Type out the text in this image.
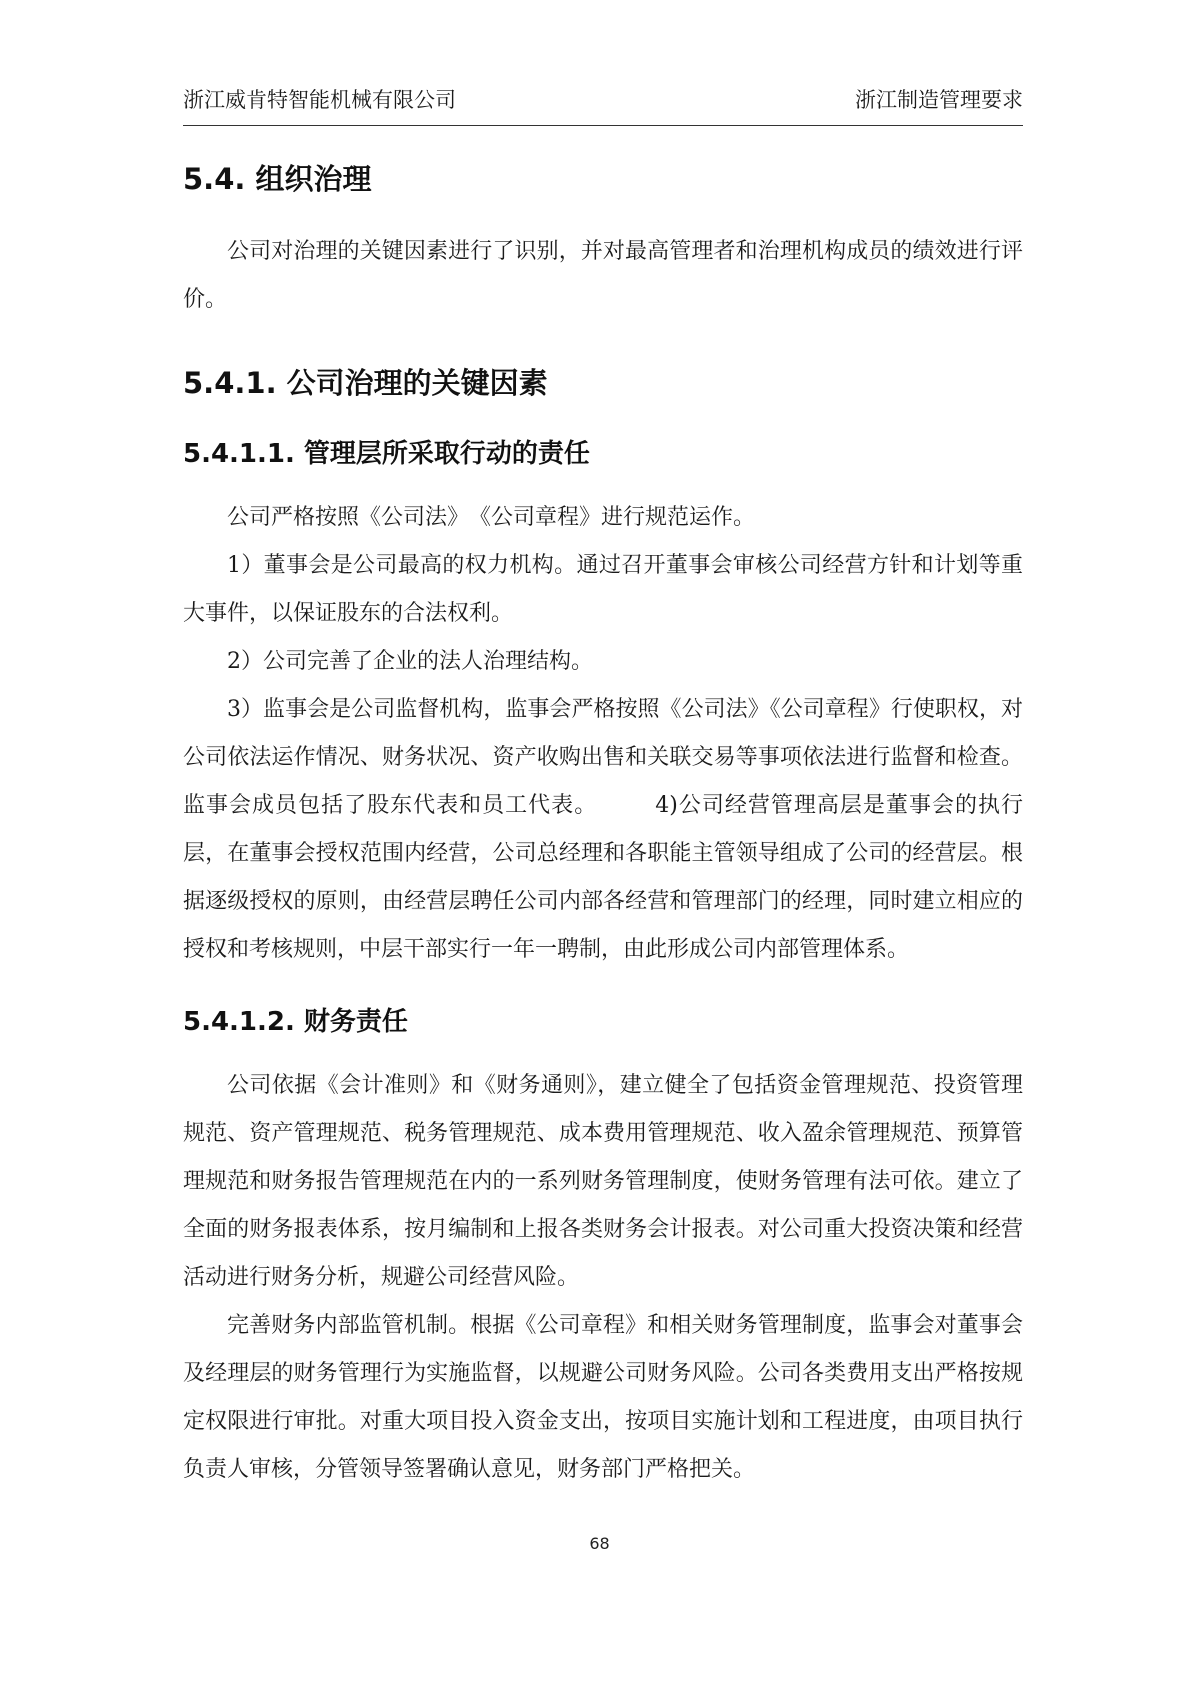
浙江威肯特智能机械有限公司	浙江制造管理要求
5.4. 组织治理

公司对治理的关键因素进行了识别，并对最高管理者和治理机构成员的绩效进行评价。

5.4.1. 公司治理的关键因素
5.4.1.1. 管理层所采取行动的责任

公司严格按照《公司法》　《公司章程》进行规范运作。

1）董事会是公司最高的权力机构。通过召开董事会审核公司经营方针和计划等重大事件，以保证股东的合法权利。

2）公司完善了企业的法人治理结构。

3）监事会是公司监督机构，监事会严格按照《公司法》《公司章程》行使职权，对公司依法运作情况、财务状况、资产收购出售和关联交易等事项依法进行监督和检查。监事会成员包括了股东代表和员工代表。　　　4)公司经营管理高层是董事会的执行层，在董事会授权范围内经营，公司总经理和各职能主管领导组成了公司的经营层。根据逐级授权的原则，由经营层聘任公司内部各经营和管理部门的经理，同时建立相应的授权和考核规则，中层干部实行一年一聘制，由此形成公司内部管理体系。

5.4.1.2. 财务责任

公司依据《会计准则》和《财务通则》，建立健全了包括资金管理规范、投资管理规范、资产管理规范、税务管理规范、成本费用管理规范、收入盈余管理规范、预算管理规范和财务报告管理规范在内的一系列财务管理制度，使财务管理有法可依。建立了全面的财务报表体系，按月编制和上报各类财务会计报表。对公司重大投资决策和经营活动进行财务分析，规避公司经营风险。

完善财务内部监管机制。根据《公司章程》和相关财务管理制度，监事会对董事会及经理层的财务管理行为实施监督，以规避公司财务风险。公司各类费用支出严格按规定权限进行审批。对重大项目投入资金支出，按项目实施计划和工程进度，由项目执行负责人审核，分管领导签署确认意见，财务部门严格把关。

68
